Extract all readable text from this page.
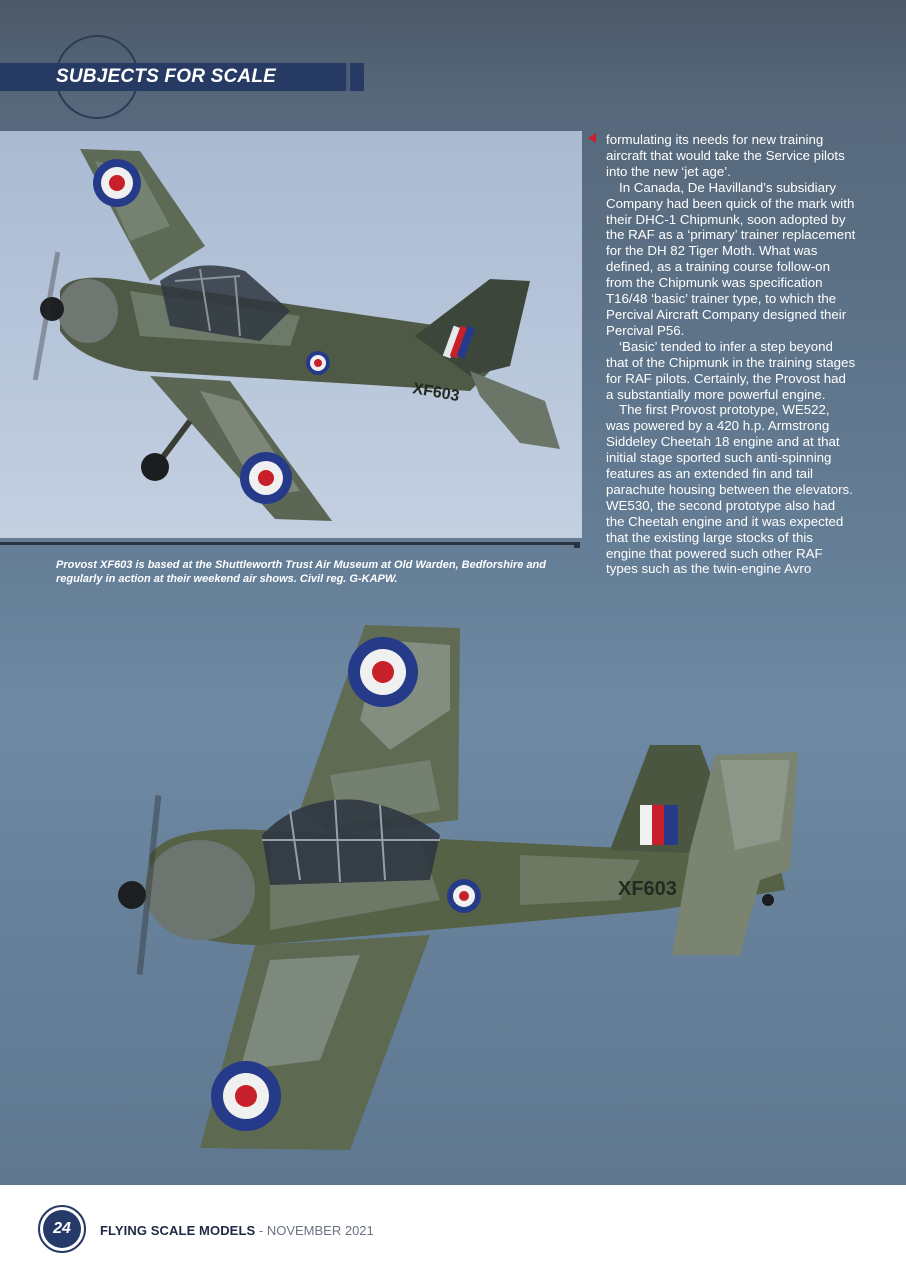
SUBJECTS FOR SCALE
XF603
Provost XF603 is based at the Shuttleworth Trust Air Museum at Old Warden, Bedforshire and regularly in action at their weekend air shows. Civil reg. G-KAPW.

formulating its needs for new training aircraft that would take the Service pilots into the new ‘jet age’.

In Canada, De Havilland’s subsidiary Company had been quick of the mark with their DHC-1 Chipmunk, soon adopted by the RAF as a ‘primary’ trainer replacement for the DH 82 Tiger Moth. What was defined, as a training course follow-on from the Chipmunk was specification T16/48 ‘basic’ trainer type, to which the Percival Aircraft Company designed their Percival P56.

‘Basic’ tended to infer a step beyond that of the Chipmunk in the training stages for RAF pilots. Certainly, the Provost had a substantially more powerful engine.

The first Provost prototype, WE522, was powered by a 420 h.p. Armstrong Siddeley Cheetah 18 engine and at that initial stage sported such anti-spinning features as an extended fin and tail parachute housing between the elevators. WE530, the second prototype also had the Cheetah engine and it was expected that the existing large stocks of this engine that powered such other RAF types such as the twin-engine Avro

XF603
24	FLYING SCALE MODELS - NOVEMBER 2021
